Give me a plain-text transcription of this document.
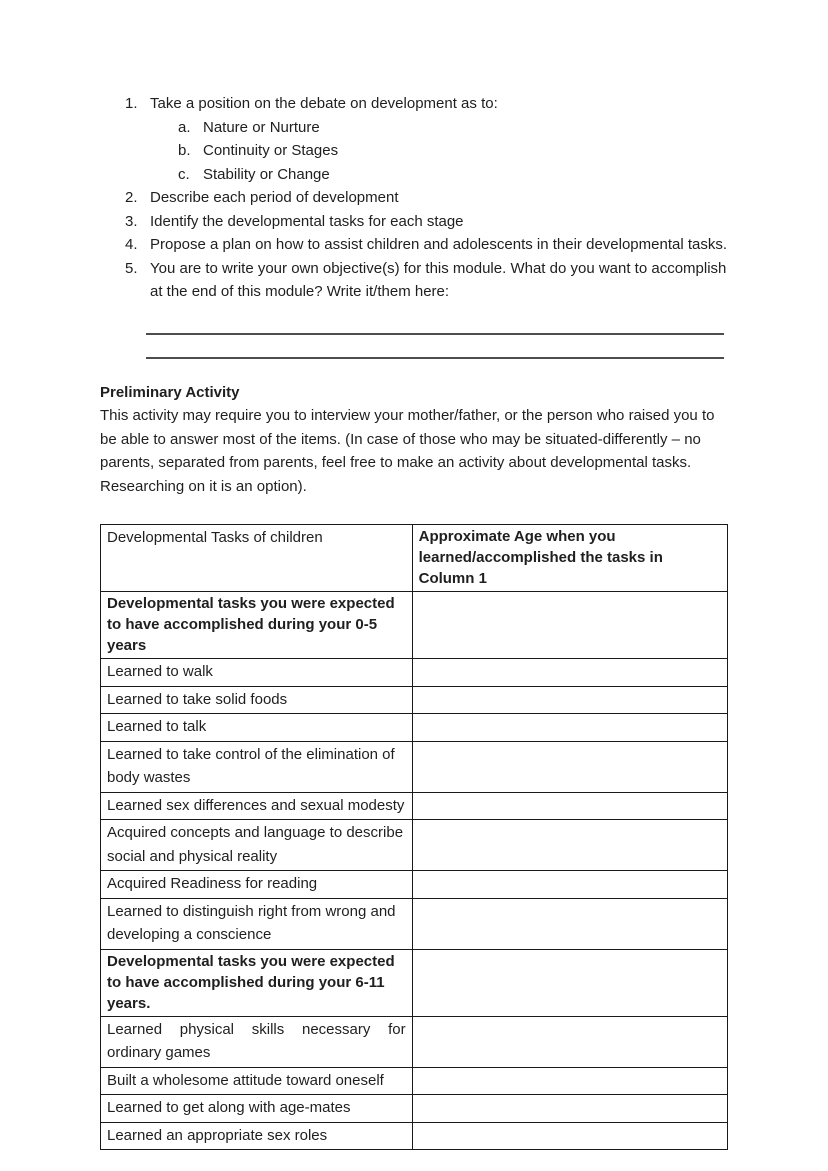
1. Take a position on the debate on development as to:
a. Nature or Nurture
b. Continuity or Stages
c. Stability or Change
2. Describe each period of development
3. Identify the developmental tasks for each stage
4. Propose a plan on how to assist children and adolescents in their developmental tasks.
5. You are to write your own objective(s) for this module. What do you want to accomplish at the end of this module? Write it/them here:
Preliminary Activity

This activity may require you to interview your mother/father, or the person who raised you to be able to answer most of the items. (In case of those who may be situated-differently – no parents, separated from parents, feel free to make an activity about developmental tasks. Researching on it is an option).

Developmental Tasks of children	Approximate Age when you learned/accomplished the tasks in Column 1
Developmental tasks you were expected to have accomplished during your 0-5 years	
Learned to walk	
Learned to take solid foods	
Learned to talk	
Learned to take control of the elimination of body wastes	
Learned sex differences and sexual modesty	
Acquired concepts and language to describe social and physical reality	
Acquired Readiness for reading	
Learned to distinguish right from wrong and developing a conscience	
Developmental tasks you were expected to have accomplished during your 6-11 years.	
Learned physical skills necessary for ordinary games	
Built a wholesome attitude toward oneself	
Learned to get along with age-mates	
Learned an appropriate sex roles	
